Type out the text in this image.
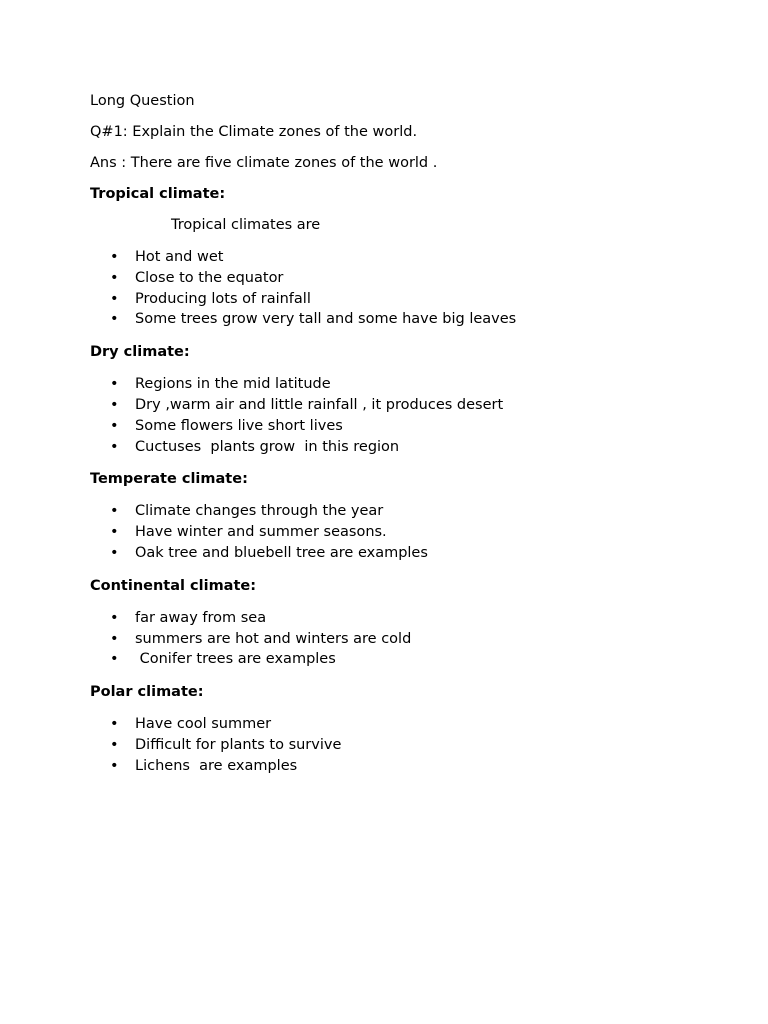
Long Question
Q#1: Explain the Climate zones of the world.
Ans : There are five climate zones of the world .
Tropical climate:
Tropical climates are
• Hot and wet
• Close to the equator
• Producing lots of rainfall
• Some trees grow very tall and some have big leaves
Dry climate:
• Regions in the mid latitude
• Dry ,warm air and little rainfall , it produces desert
• Some flowers live short lives
• Cuctuses  plants grow  in this region
Temperate climate:
• Climate changes through the year
• Have winter and summer seasons.
• Oak tree and bluebell tree are examples
Continental climate:
• far away from sea
• summers are hot and winters are cold
• Conifer trees are examples
Polar climate:
• Have cool summer
• Difficult for plants to survive
• Lichens  are examples
